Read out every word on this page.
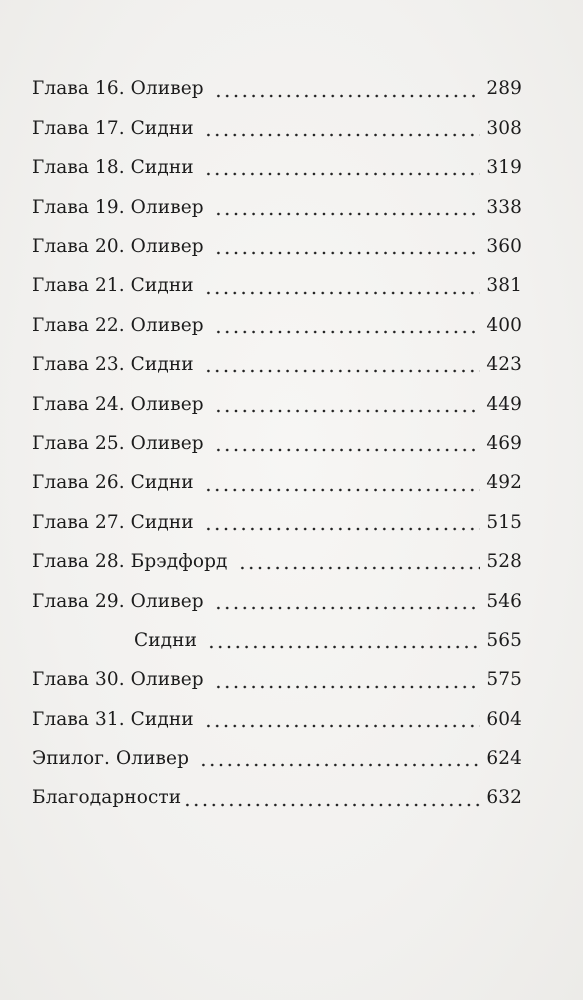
Глава 16. Оливер	289
Глава 17. Сидни	308
Глава 18. Сидни	319
Глава 19. Оливер	338
Глава 20. Оливер	360
Глава 21. Сидни	381
Глава 22. Оливер	400
Глава 23. Сидни	423
Глава 24. Оливер	449
Глава 25. Оливер	469
Глава 26. Сидни	492
Глава 27. Сидни	515
Глава 28. Брэдфорд	528
Глава 29. Оливер	546
Сидни	565
Глава 30. Оливер	575
Глава 31. Сидни	604
Эпилог. Оливер	624
Благодарности	632
